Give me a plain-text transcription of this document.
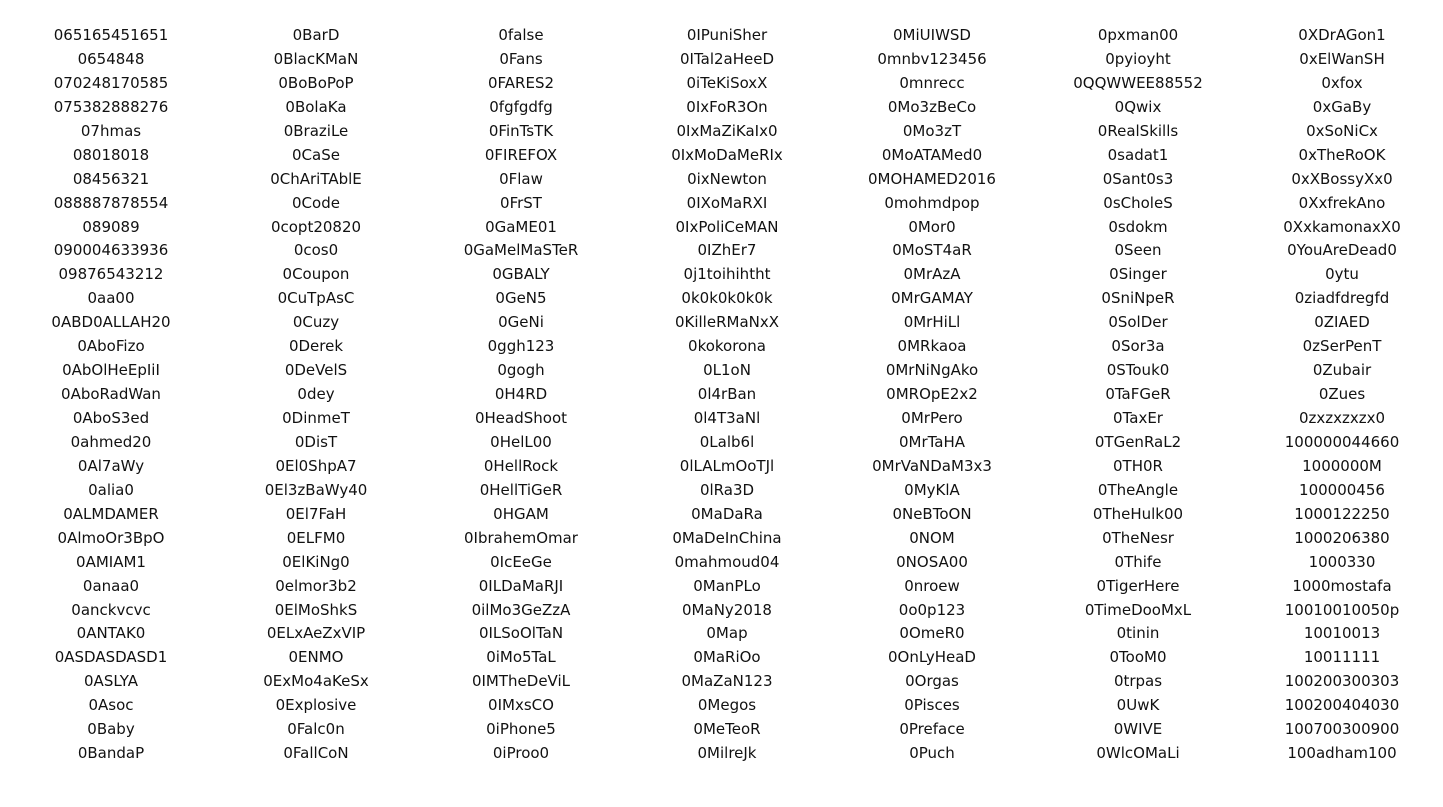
065165451651
0654848
070248170585
075382888276
07hmas
08018018
08456321
088887878554
089089
090004633936
09876543212
0aa00
0ABD0ALLAH20
0AboFizo
0AbOlHeEpIiI
0AboRadWan
0AboS3ed
0ahmed20
0Al7aWy
0alia0
0ALMDAMER
0AlmoOr3BpO
0AMIAM1
0anaa0
0anckvcvc
0ANTAK0
0ASDASDASD1
0ASLYA
0Asoc
0Baby
0BandaP
0BarD
0BlacKMaN
0BoBoPoP
0BolaKa
0BraziLe
0CaSe
0ChAriTAblE
0Code
0copt20820
0cos0
0Coupon
0CuTpAsC
0Cuzy
0Derek
0DeVelS
0dey
0DinmeT
0DisT
0El0ShpA7
0El3zBaWy40
0El7FaH
0ELFM0
0ElKiNg0
0elmor3b2
0ElMoShkS
0ELxAeZxVIP
0ENMO
0ExMo4aKeSx
0Explosive
0Falc0n
0FallCoN
0false
0Fans
0FARES2
0fgfgdfg
0FinTsTK
0FIREFOX
0Flaw
0FrST
0GaME01
0GaMelMaSTeR
0GBALY
0GeN5
0GeNi
0ggh123
0gogh
0H4RD
0HeadShoot
0HelL00
0HellRock
0HellTiGeR
0HGAM
0IbrahemOmar
0IcEeGe
0ILDaMaRJI
0ilMo3GeZzA
0ILSoOlTaN
0iMo5TaL
0IMTheDeViL
0IMxsCO
0iPhone5
0iProo0
0IPuniSher
0ITal2aHeeD
0iTeKiSoxX
0IxFoR3On
0IxMaZiKaIx0
0IxMoDaMeRIx
0ixNewton
0IXoMaRXI
0IxPoliCeMAN
0IZhEr7
0j1toihihtht
0k0k0k0k0k
0KilleRMaNxX
0kokorona
0L1oN
0l4rBan
0l4T3aNl
0Lalb6l
0lLALmOoTJl
0lRa3D
0MaDaRa
0MaDeInChina
0mahmoud04
0ManPLo
0MaNy2018
0Map
0MaRiOo
0MaZaN123
0Megos
0MeTeoR
0MilreJk
0MiUIWSD
0mnbv123456
0mnrecc
0Mo3zBeCo
0Mo3zT
0MoATAMed0
0MOHAMED2016
0mohmdpop
0Mor0
0MoST4aR
0MrAzA
0MrGAMAY
0MrHiLl
0MRkaoa
0MrNiNgAko
0MROpE2x2
0MrPero
0MrTaHA
0MrVaNDaM3x3
0MyKlA
0NeBToON
0NOM
0NOSA00
0nroew
0o0p123
0OmeR0
0OnLyHeaD
0Orgas
0Pisces
0Preface
0Puch
0pxman00
0pyioyht
0QQWWEE88552
0Qwix
0RealSkills
0sadat1
0Sant0s3
0sCholeS
0sdokm
0Seen
0Singer
0SniNpeR
0SolDer
0Sor3a
0STouk0
0TaFGeR
0TaxEr
0TGenRaL2
0TH0R
0TheAngle
0TheHulk00
0TheNesr
0Thife
0TigerHere
0TimeDooMxL
0tinin
0TooM0
0trpas
0UwK
0WIVE
0WlcOMaLi
0XDrAGon1
0xElWanSH
0xfox
0xGaBy
0xSoNiCx
0xTheRoOK
0xXBossyXx0
0XxfrekAno
0XxkamonaxX0
0YouAreDead0
0ytu
0ziadfdregfd
0ZIAED
0zSerPenT
0Zubair
0Zues
0zxzxzxzx0
100000044660
1000000M
100000456
1000122250
1000206380
1000330
1000mostafa
10010010050p
10010013
10011111
100200300303
100200404030
100700300900
100adham100
